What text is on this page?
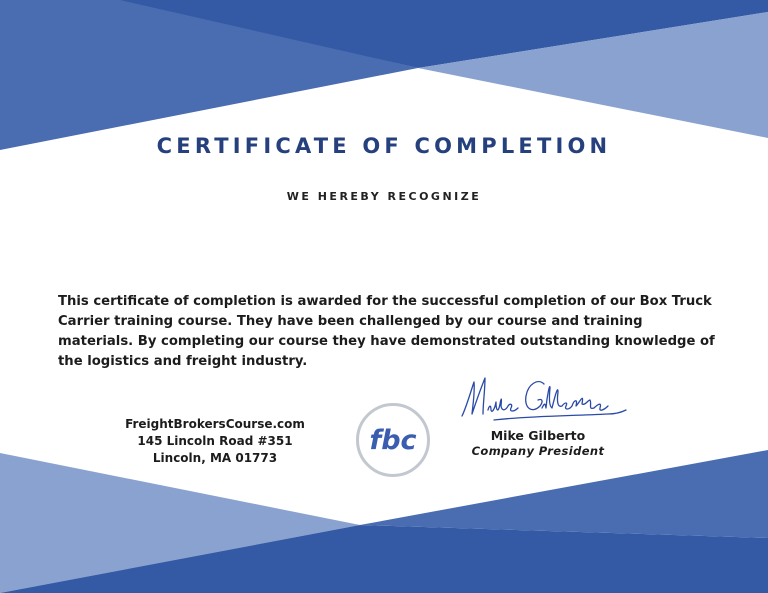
CERTIFICATE OF COMPLETION
WE HEREBY RECOGNIZE

This certificate of completion is awarded for the successful completion of our Box Truck Carrier training course. They have been challenged by our course and training materials. By completing our course they have demonstrated outstanding knowledge of the logistics and freight industry.

FreightBrokersCourse.com
145 Lincoln Road #351
Lincoln, MA 01773
fbc	Mike Gilberto
Company President
